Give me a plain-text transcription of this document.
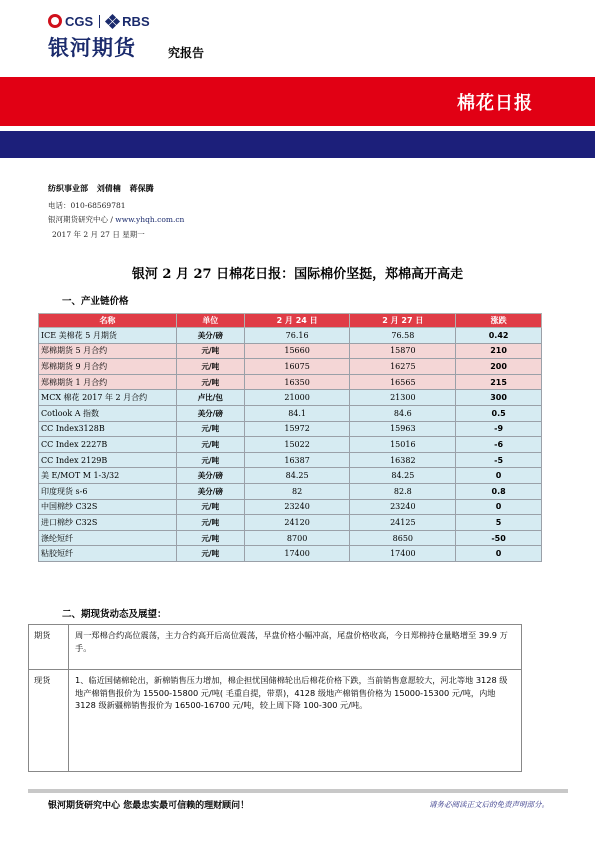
CGS RBS
银河期货	究报告
棉花日报
纺织事业部 刘倩楠 蒋保腾
电话：010-68569781
银河期货研究中心 / www.yhqh.com.cn
2017 年 2 月 27 日 星期一
银河 2 月 27 日棉花日报：国际棉价坚挺，郑棉高开高走
一、产业链价格
名称	单位	2 月 24 日	2 月 27 日	涨跌
ICE 美棉花 5 月期货	美分/磅	76.16	76.58	0.42
郑棉期货 5 月合约	元/吨	15660	15870	210
郑棉期货 9 月合约	元/吨	16075	16275	200
郑棉期货 1 月合约	元/吨	16350	16565	215
MCX 棉花 2017 年 2 月合约	卢比/包	21000	21300	300
Cotlook A 指数	美分/磅	84.1	84.6	0.5
CC Index3128B	元/吨	15972	15963	-9
CC Index 2227B	元/吨	15022	15016	-6
CC Index 2129B	元/吨	16387	16382	-5
美 E/MOT M 1-3/32	美分/磅	84.25	84.25	0
印度现货 s-6	美分/磅	82	82.8	0.8
中国棉纱 C32S	元/吨	23240	23240	0
进口棉纱 C32S	元/吨	24120	24125	5
涤纶短纤	元/吨	8700	8650	-50
粘胶短纤	元/吨	17400	17400	0
二、期现货动态及展望：
期货	周一郑棉合约高位震荡，主力合约高开后高位震荡，早盘价格小幅冲高，尾盘价格收高，今日郑棉持仓量略增至 39.9 万手。
现货	1、临近国储棉轮出，新棉销售压力增加，棉企担忧国储棉轮出后棉花价格下跌，当前销售意愿较大，河北等地 3128 级地产棉销售报价为 15500-15800 元/吨( 毛重自提，带票)，4128 级地产棉销售价格为 15000-15300 元/吨，内地 3128 级新疆棉销售报价为 16500-16700 元/吨，较上周下降 100-300 元/吨。
银河期货研究中心 您最忠实最可信赖的理财顾问！	请务必阅读正文后的免责声明部分。
